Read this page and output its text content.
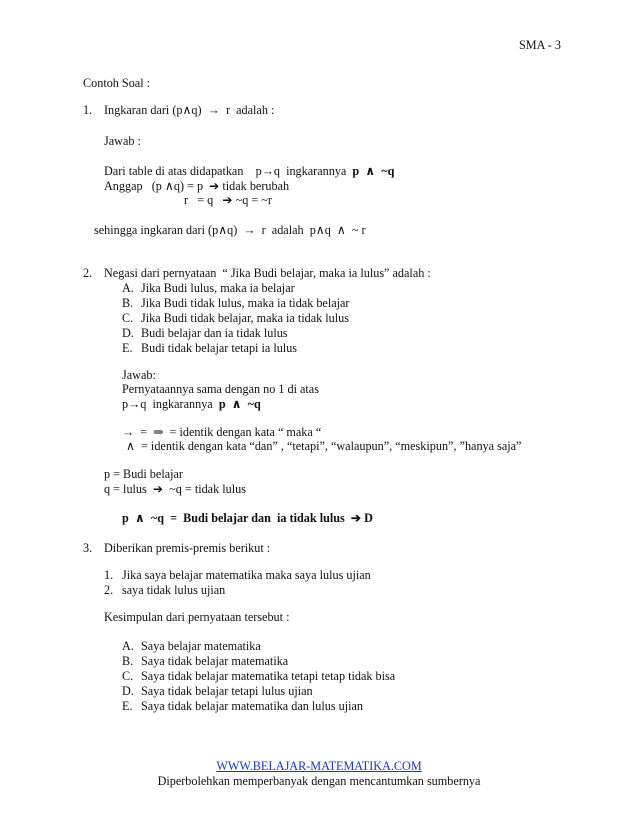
SMA - 3
Contoh Soal :
1. Ingkaran dari (p∧q)  →  r  adalah :
Jawab :
Dari table di atas didapatkan    p→q  ingkarannya p  ∧  ~q
Anggap   (p ∧q) = p  ➔ tidak berubah
r   = q   ➔ ~q = ~r
sehingga ingkaran dari (p∧q)  →  r  adalah  p∧q  ∧  ~ r
2. Negasi dari pernyataan  “ Jika Budi belajar, maka ia lulus” adalah :
A. Jika Budi lulus, maka ia belajar
B. Jika Budi tidak lulus, maka ia tidak belajar
C. Jika Budi tidak belajar, maka ia tidak lulus
D. Budi belajar dan ia tidak lulus
E. Budi tidak belajar tetapi ia lulus
Jawab:
Pernyataannya sama dengan no 1 di atas
p→q  ingkarannya p  ∧  ~q
→  =  ⇒  = identik dengan kata “ maka “
∧  = identik dengan kata “dan” , “tetapi”, “walaupun”, “meskipun”, ”hanya saja”
p = Budi belajar
q = lulus  ➔  ~q = tidak lulus
p  ∧  ~q  =  Budi belajar dan  ia tidak lulus  ➔ D
3. Diberikan premis-premis berikut :
1. Jika saya belajar matematika maka saya lulus ujian
2. saya tidak lulus ujian
Kesimpulan dari pernyataan tersebut :
A. Saya belajar matematika
B. Saya tidak belajar matematika
C. Saya tidak belajar matematika tetapi tetap tidak bisa
D. Saya tidak belajar tetapi lulus ujian
E. Saya tidak belajar matematika dan lulus ujian
WWW.BELAJAR-MATEMATIKA.COM
Diperbolehkan memperbanyak dengan mencantumkan sumbernya
